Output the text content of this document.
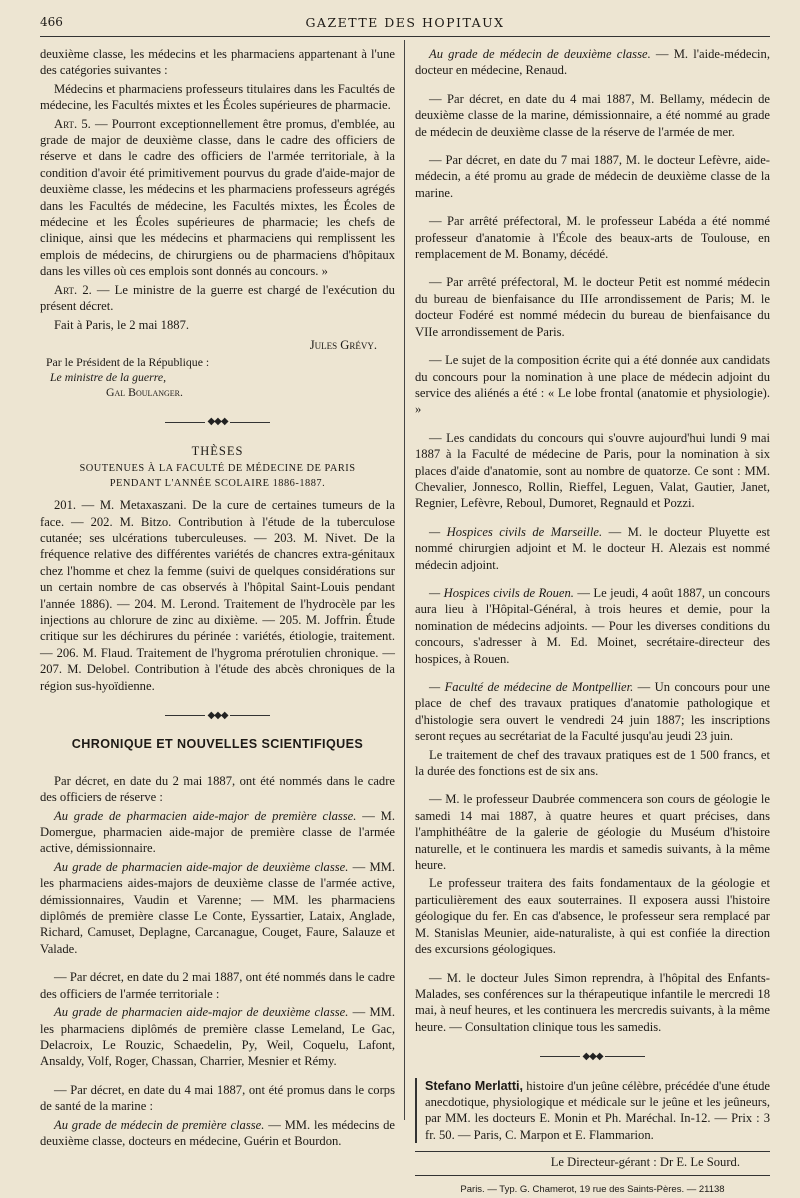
466	GAZETTE DES HOPITAUX

deuxième classe, les médecins et les pharmaciens appartenant à l'une des catégories suivantes :

Médecins et pharmaciens professeurs titulaires dans les Facultés de médecine, les Facultés mixtes et les Écoles supérieures de pharmacie.

Art. 5. — Pourront exceptionnellement être promus, d'emblée, au grade de major de deuxième classe, dans le cadre des officiers de réserve et dans le cadre des officiers de l'armée territoriale, à la condition d'avoir été primitivement pourvus du grade d'aide-major de deuxième classe, les médecins et les pharmaciens professeurs agrégés dans les Facultés de médecine, les Facultés mixtes, les Écoles de médecine et les Écoles supérieures de pharmacie; les chefs de clinique, ainsi que les médecins et pharmaciens qui remplissent les emplois de médecins, de chirurgiens ou de pharmaciens d'hôpitaux dans les villes où ces emplois sont donnés au concours. »

Art. 2. — Le ministre de la guerre est chargé de l'exécution du présent décret.

Fait à Paris, le 2 mai 1887.

Jules Grévy.
Par le Président de la République :
Le ministre de la guerre,
Gal Boulanger.
◆◆◆
THÈSES
SOUTENUES À LA FACULTÉ DE MÉDECINE DE PARIS
PENDANT L'ANNÉE SCOLAIRE 1886-1887.

201. — M. Metaxaszani. De la cure de certaines tumeurs de la face. — 202. M. Bitzo. Contribution à l'étude de la tuberculose cutanée; ses ulcérations tuberculeuses. — 203. M. Nivet. De la fréquence relative des différentes variétés de chancres extra-génitaux chez l'homme et chez la femme (suivi de quelques considérations sur un certain nombre de cas observés à l'hôpital Saint-Louis pendant l'année 1886). — 204. M. Lerond. Traitement de l'hydrocèle par les injections au chlorure de zinc au dixième. — 205. M. Joffrin. Étude critique sur les déchirures du périnée : variétés, étiologie, traitement. — 206. M. Flaud. Traitement de l'hygroma prérotulien chronique. — 207. M. Delobel. Contribution à l'étude des abcès chroniques de la région sus-hyoïdienne.

◆◆◆
CHRONIQUE ET NOUVELLES SCIENTIFIQUES

Par décret, en date du 2 mai 1887, ont été nommés dans le cadre des officiers de réserve :

Au grade de pharmacien aide-major de première classe. — M. Domergue, pharmacien aide-major de première classe de l'armée active, démissionnaire.

Au grade de pharmacien aide-major de deuxième classe. — MM. les pharmaciens aides-majors de deuxième classe de l'armée active, démissionnaires, Vaudin et Varenne; — MM. les pharmaciens diplômés de première classe Le Conte, Eyssartier, Lataix, Anglade, Richard, Camuset, Deplagne, Carcanague, Couget, Faure, Salauze et Valade.

— Par décret, en date du 2 mai 1887, ont été nommés dans le cadre des officiers de l'armée territoriale :

Au grade de pharmacien aide-major de deuxième classe. — MM. les pharmaciens diplômés de première classe Lemeland, Le Gac, Delacroix, Le Rouzic, Schaedelin, Py, Weil, Coquelu, Lafont, Ansaldy, Volf, Roger, Chassan, Charrier, Mesnier et Rémy.

— Par décret, en date du 4 mai 1887, ont été promus dans le corps de santé de la marine :

Au grade de médecin de première classe. — MM. les médecins de deuxième classe, docteurs en médecine, Guérin et Bourdon.

Au grade de médecin de deuxième classe. — M. l'aide-médecin, docteur en médecine, Renaud.

— Par décret, en date du 4 mai 1887, M. Bellamy, médecin de deuxième classe de la marine, démissionnaire, a été nommé au grade de médecin de deuxième classe de la réserve de l'armée de mer.

— Par décret, en date du 7 mai 1887, M. le docteur Lefèvre, aide-médecin, a été promu au grade de médecin de deuxième classe de la marine.

— Par arrêté préfectoral, M. le professeur Labéda a été nommé professeur d'anatomie à l'École des beaux-arts de Toulouse, en remplacement de M. Bonamy, décédé.

— Par arrêté préfectoral, M. le docteur Petit est nommé médecin du bureau de bienfaisance du IIIe arrondissement de Paris; M. le docteur Fodéré est nommé médecin du bureau de bienfaisance du VIIe arrondissement de Paris.

— Le sujet de la composition écrite qui a été donnée aux candidats du concours pour la nomination à une place de médecin adjoint du service des aliénés a été : « Le lobe frontal (anatomie et physiologie). »

— Les candidats du concours qui s'ouvre aujourd'hui lundi 9 mai 1887 à la Faculté de médecine de Paris, pour la nomination à six places d'aide d'anatomie, sont au nombre de quatorze. Ce sont : MM. Chevalier, Jonnesco, Rollin, Rieffel, Leguen, Valat, Gautier, Janet, Regnier, Lefèvre, Reboul, Dumoret, Regnauld et Pozzi.

— Hospices civils de Marseille. — M. le docteur Pluyette est nommé chirurgien adjoint et M. le docteur H. Alezais est nommé médecin adjoint.

— Hospices civils de Rouen. — Le jeudi, 4 août 1887, un concours aura lieu à l'Hôpital-Général, à trois heures et demie, pour la nomination de médecins adjoints. — Pour les diverses conditions du concours, s'adresser à M. Ed. Moinet, secrétaire-directeur des hospices, à Rouen.

— Faculté de médecine de Montpellier. — Un concours pour une place de chef des travaux pratiques d'anatomie pathologique et d'histologie sera ouvert le vendredi 24 juin 1887; les inscriptions seront reçues au secrétariat de la Faculté jusqu'au jeudi 23 juin.

Le traitement de chef des travaux pratiques est de 1 500 francs, et la durée des fonctions est de six ans.

— M. le professeur Daubrée commencera son cours de géologie le samedi 14 mai 1887, à quatre heures et quart précises, dans l'amphithéâtre de la galerie de géologie du Muséum d'histoire naturelle, et le continuera les mardis et samedis suivants, à la même heure.

Le professeur traitera des faits fondamentaux de la géologie et particulièrement des eaux souterraines. Il exposera aussi l'histoire géologique du fer. En cas d'absence, le professeur sera remplacé par M. Stanislas Meunier, aide-naturaliste, à qui est confiée la direction des excursions géologiques.

— M. le docteur Jules Simon reprendra, à l'hôpital des Enfants-Malades, ses conférences sur la thérapeutique infantile le mercredi 18 mai, à neuf heures, et les continuera les mercredis suivants, à la même heure. — Consultation clinique tous les samedis.

◆◆◆

Stefano Merlatti, histoire d'un jeûne célèbre, précédée d'une étude anecdotique, physiologique et médicale sur le jeûne et les jeûneurs, par MM. les docteurs E. Monin et Ph. Maréchal. In-12. — Prix : 3 fr. 50. — Paris, C. Marpon et E. Flammarion.

Le Directeur-gérant : Dr E. Le Sourd.
Paris. — Typ. G. Chamerot, 19 rue des Saints-Pères. — 21138
